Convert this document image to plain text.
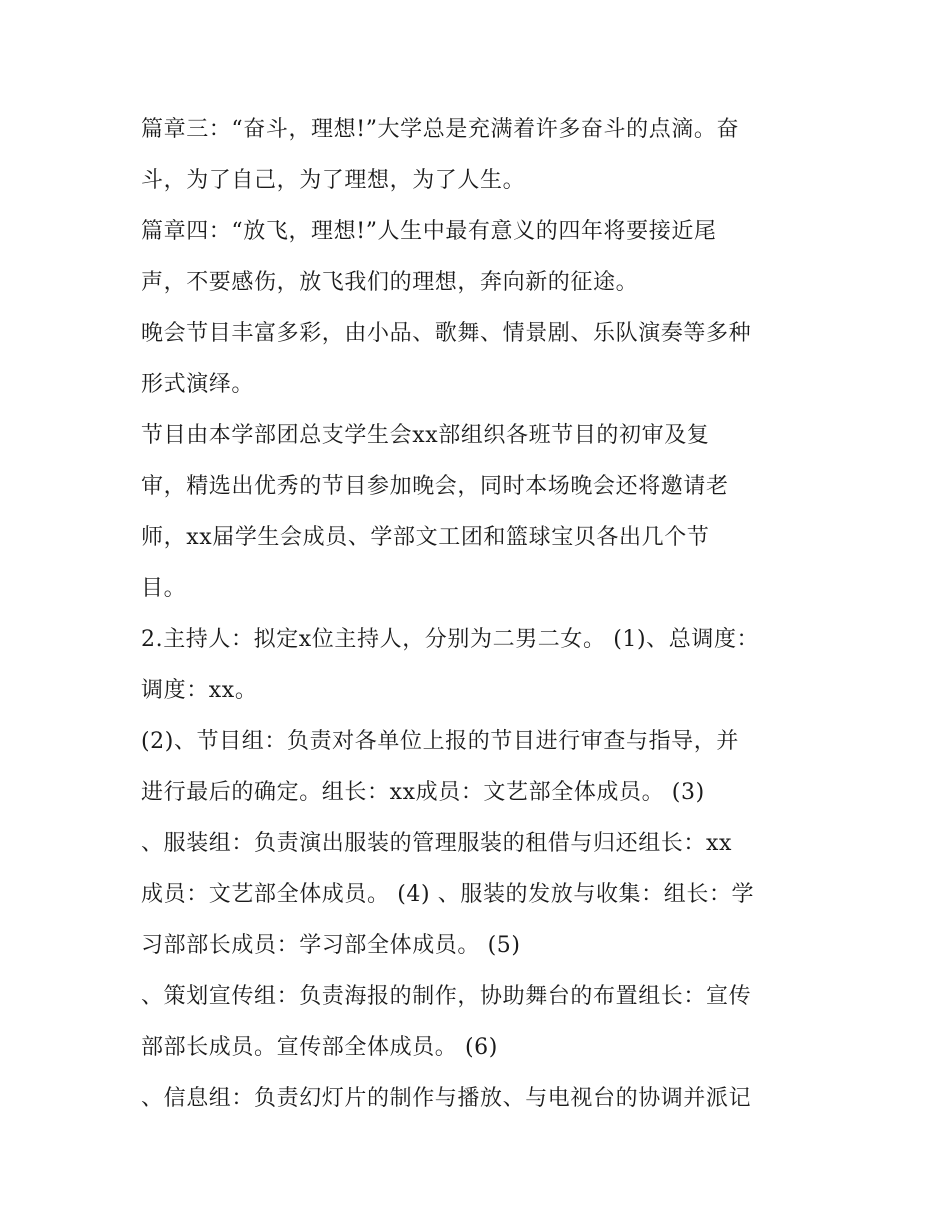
篇章三：“奋斗，理想!”大学总是充满着许多奋斗的点滴。奋
斗，为了自己，为了理想，为了人生。
篇章四：“放飞，理想!”人生中最有意义的四年将要接近尾
声，不要感伤，放飞我们的理想，奔向新的征途。
晚会节目丰富多彩，由小品、歌舞、情景剧、乐队演奏等多种
形式演绎。
节目由本学部团总支学生会xx部组织各班节目的初审及复
审，精选出优秀的节目参加晚会，同时本场晚会还将邀请老
师，xx届学生会成员、学部文工团和篮球宝贝各出几个节
目。
2.主持人：拟定x位主持人，分别为二男二女。 (1)、总调度：
调度：xx。
(2)、节目组：负责对各单位上报的节目进行审查与指导，并
进行最后的确定。组长：xx成员：文艺部全体成员。 (3)
、服装组：负责演出服装的管理服装的租借与归还组长：xx
成员：文艺部全体成员。 (4) 、服装的发放与收集：组长：学
习部部长成员：学习部全体成员。 (5)
、策划宣传组：负责海报的制作，协助舞台的布置组长：宣传
部部长成员。宣传部全体成员。 (6)
、信息组：负责幻灯片的制作与播放、与电视台的协调并派记
